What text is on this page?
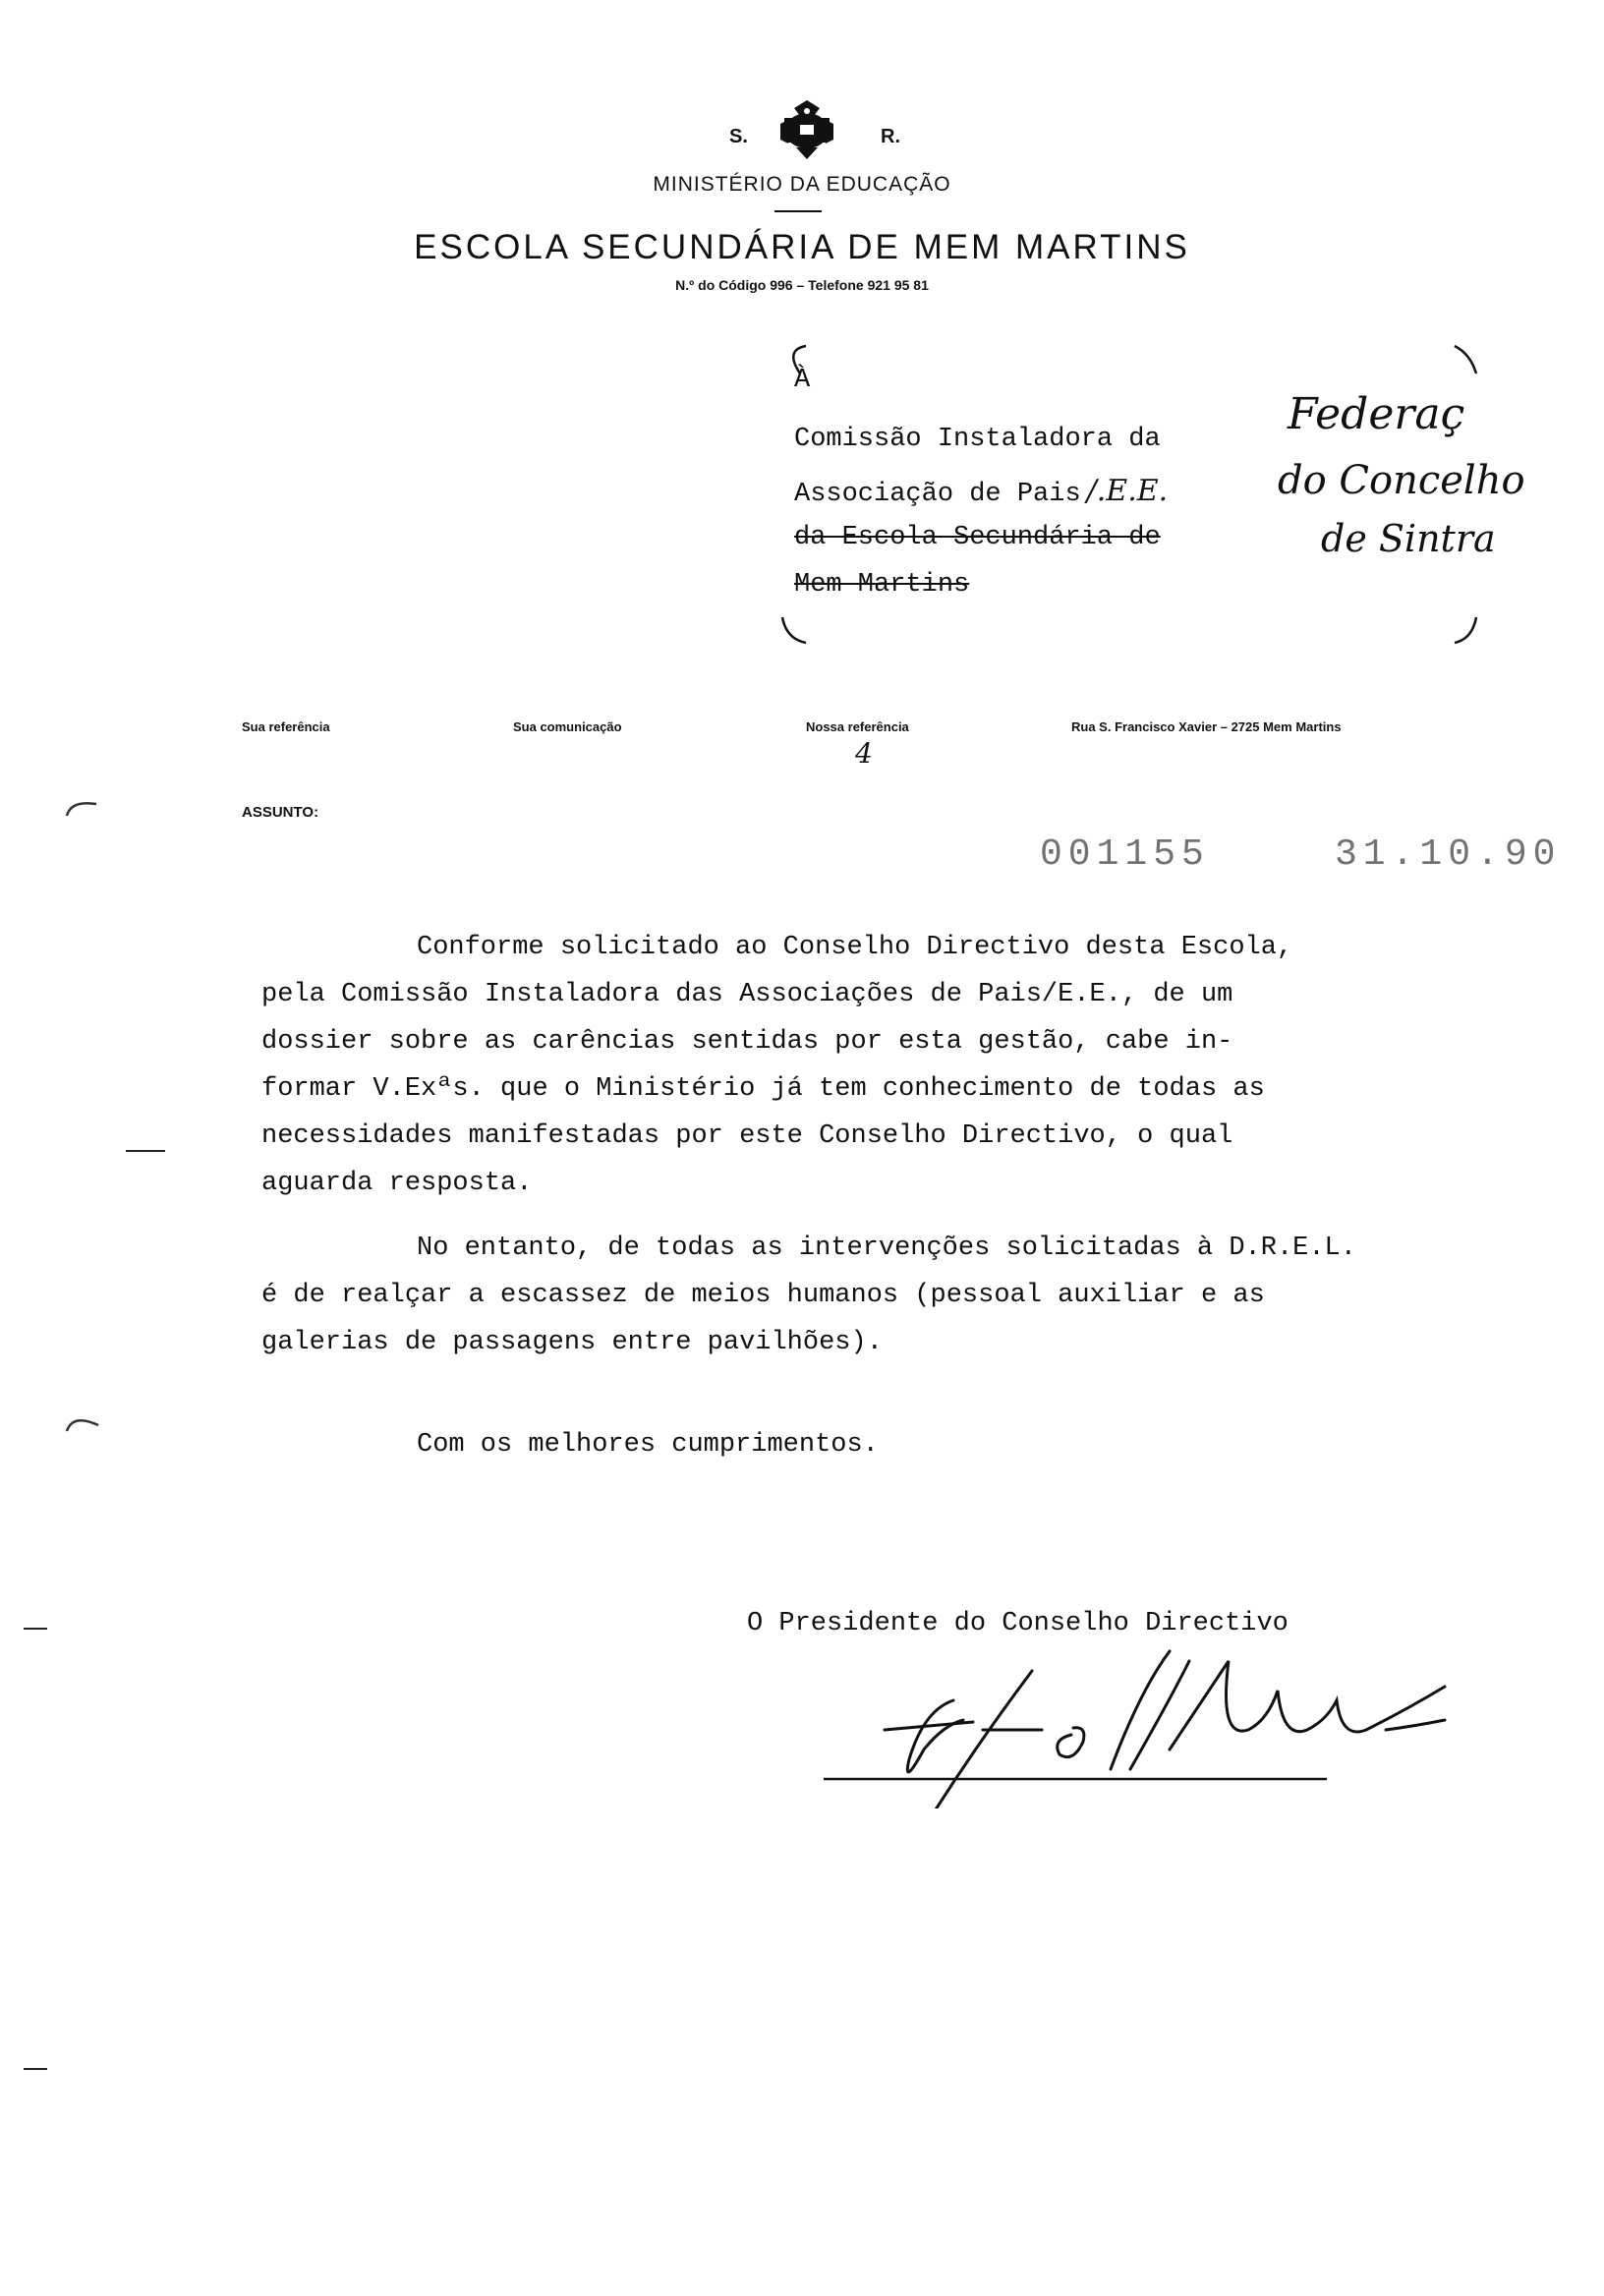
S.	R.
MINISTÉRIO DA EDUCAÇÃO
ESCOLA SECUNDÁRIA DE MEM MARTINS
N.º do Código 996 – Telefone 921 95 81
À
Comissão Instaladora da
Associação de Pais /.E.E.
da Escola Secundária de
Mem Martins
Federaç
do Concelho
de Sintra
Sua referência	Sua comunicação	Nossa referência	Rua S. Francisco Xavier – 2725 Mem Martins
4
ASSUNTO:
001155	31.10.90
Conforme solicitado ao Conselho Directivo desta Escola,
pela Comissão Instaladora das Associações de Pais/E.E., de um
dossier sobre as carências sentidas por esta gestão, cabe in-
formar V.Exªs. que o Ministério já tem conhecimento de todas as
necessidades manifestadas por este Conselho Directivo, o qual
aguarda resposta.
No entanto, de todas as intervenções solicitadas à D.R.E.L.
é de realçar a escassez de meios humanos (pessoal auxiliar e as
galerias de passagens entre pavilhões).
Com os melhores cumprimentos.
O Presidente do Conselho Directivo
